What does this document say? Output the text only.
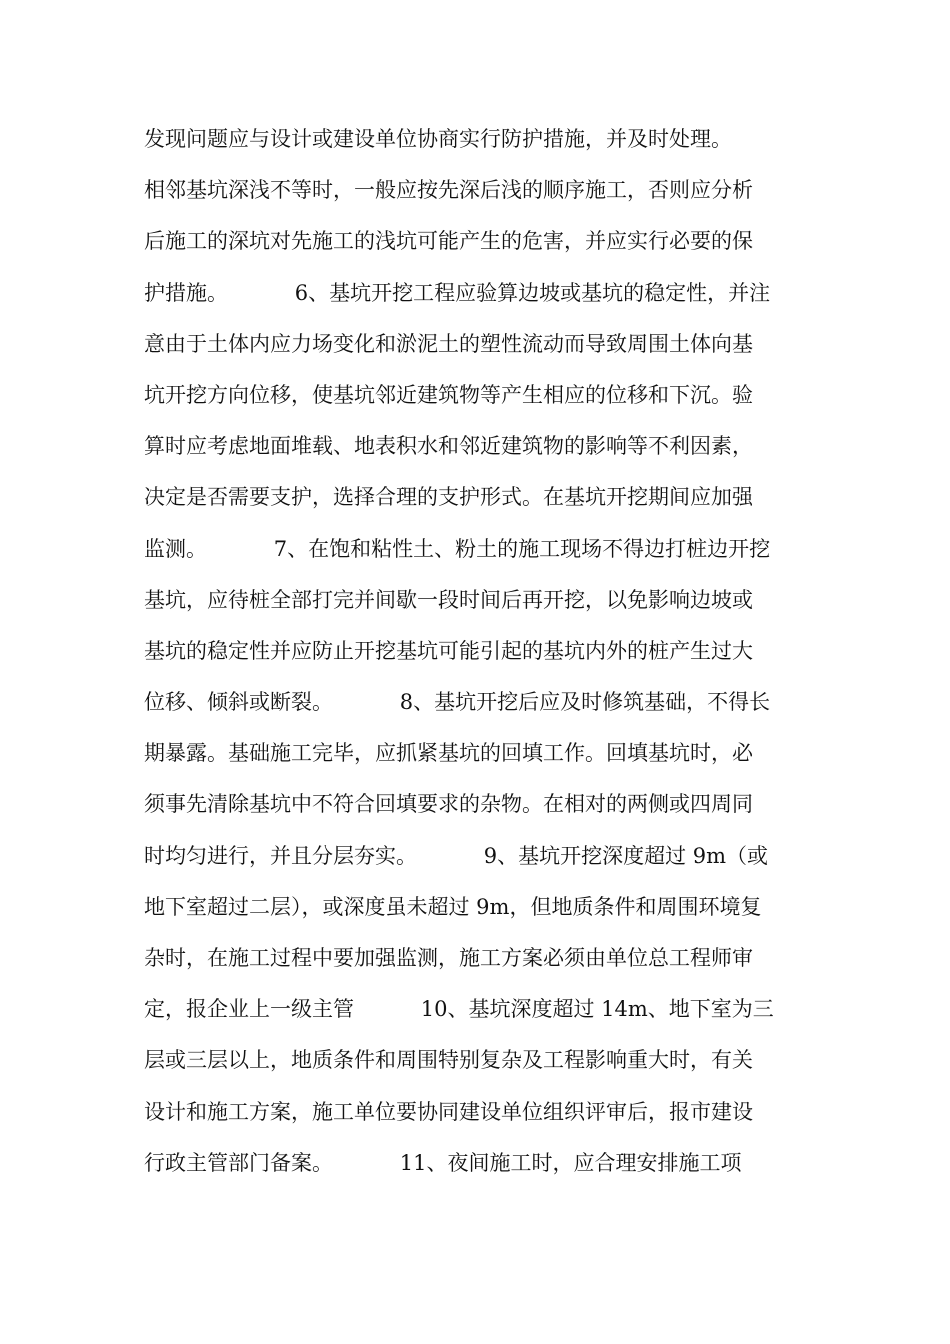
发现问题应与设计或建设单位协商实行防护措施，并及时处理。
相邻基坑深浅不等时，一般应按先深后浅的顺序施工，否则应分析
后施工的深坑对先施工的浅坑可能产生的危害，并应实行必要的保
护措施。          6、基坑开挖工程应验算边坡或基坑的稳定性，并注
意由于土体内应力场变化和淤泥土的塑性流动而导致周围土体向基
坑开挖方向位移，使基坑邻近建筑物等产生相应的位移和下沉。验
算时应考虑地面堆载、地表积水和邻近建筑物的影响等不利因素，
决定是否需要支护，选择合理的支护形式。在基坑开挖期间应加强
监测。          7、在饱和粘性土、粉土的施工现场不得边打桩边开挖
基坑，应待桩全部打完并间歇一段时间后再开挖，以免影响边坡或
基坑的稳定性并应防止开挖基坑可能引起的基坑内外的桩产生过大
位移、倾斜或断裂。          8、基坑开挖后应及时修筑基础，不得长
期暴露。基础施工完毕，应抓紧基坑的回填工作。回填基坑时，必
须事先清除基坑中不符合回填要求的杂物。在相对的两侧或四周同
时均匀进行，并且分层夯实。          9、基坑开挖深度超过 9m（或
地下室超过二层），或深度虽未超过 9m，但地质条件和周围环境复
杂时，在施工过程中要加强监测，施工方案必须由单位总工程师审
定，报企业上一级主管          10、基坑深度超过 14m、地下室为三
层或三层以上，地质条件和周围特别复杂及工程影响重大时，有关
设计和施工方案，施工单位要协同建设单位组织评审后，报市建设
行政主管部门备案。          11、夜间施工时，应合理安排施工项
